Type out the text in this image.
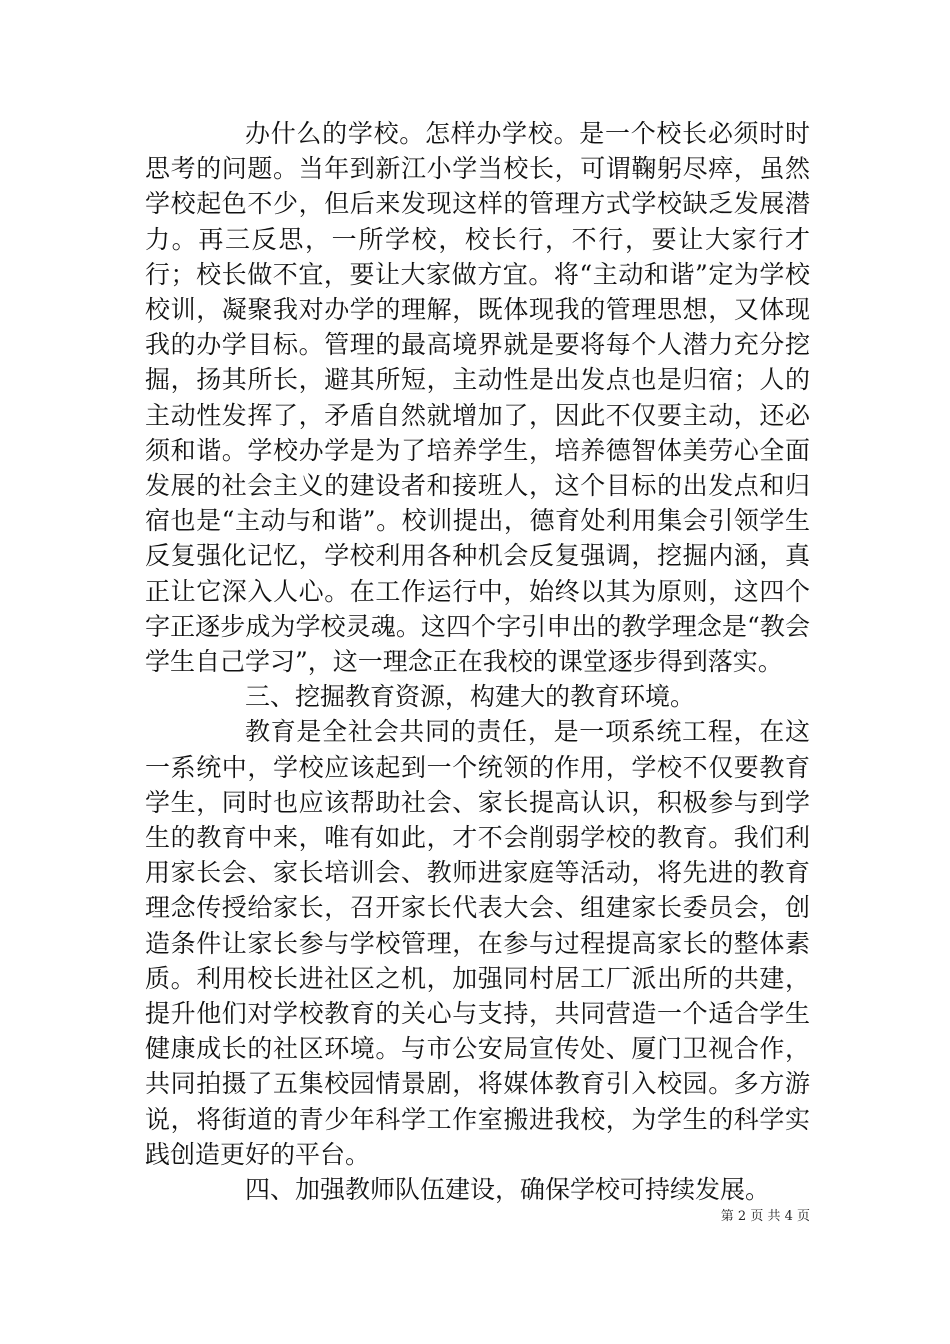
办什么的学校。怎样办学校。是一个校长必须时时思考的问题。当年到新江小学当校长，可谓鞠躬尽瘁，虽然学校起色不少，但后来发现这样的管理方式学校缺乏发展潜力。再三反思，一所学校，校长行，不行，要让大家行才行；校长做不宜，要让大家做方宜。将“主动和谐”定为学校校训，凝聚我对办学的理解，既体现我的管理思想，又体现我的办学目标。管理的最高境界就是要将每个人潜力充分挖掘，扬其所长，避其所短，主动性是出发点也是归宿；人的主动性发挥了，矛盾自然就增加了，因此不仅要主动，还必须和谐。学校办学是为了培养学生，培养德智体美劳心全面发展的社会主义的建设者和接班人，这个目标的出发点和归宿也是“主动与和谐”。校训提出，德育处利用集会引领学生反复强化记忆，学校利用各种机会反复强调，挖掘内涵，真正让它深入人心。在工作运行中，始终以其为原则，这四个字正逐步成为学校灵魂。这四个字引申出的教学理念是“教会学生自己学习”，这一理念正在我校的课堂逐步得到落实。

三、挖掘教育资源，构建大的教育环境。

教育是全社会共同的责任，是一项系统工程，在这一系统中，学校应该起到一个统领的作用，学校不仅要教育学生，同时也应该帮助社会、家长提高认识，积极参与到学生的教育中来，唯有如此，才不会削弱学校的教育。我们利用家长会、家长培训会、教师进家庭等活动，将先进的教育理念传授给家长，召开家长代表大会、组建家长委员会，创造条件让家长参与学校管理，在参与过程提高家长的整体素质。利用校长进社区之机，加强同村居工厂派出所的共建，提升他们对学校教育的关心与支持，共同营造一个适合学生健康成长的社区环境。与市公安局宣传处、厦门卫视合作，共同拍摄了五集校园情景剧，将媒体教育引入校园。多方游说，将街道的青少年科学工作室搬进我校，为学生的科学实践创造更好的平台。

四、加强教师队伍建设，确保学校可持续发展。

第 2 页 共 4 页
